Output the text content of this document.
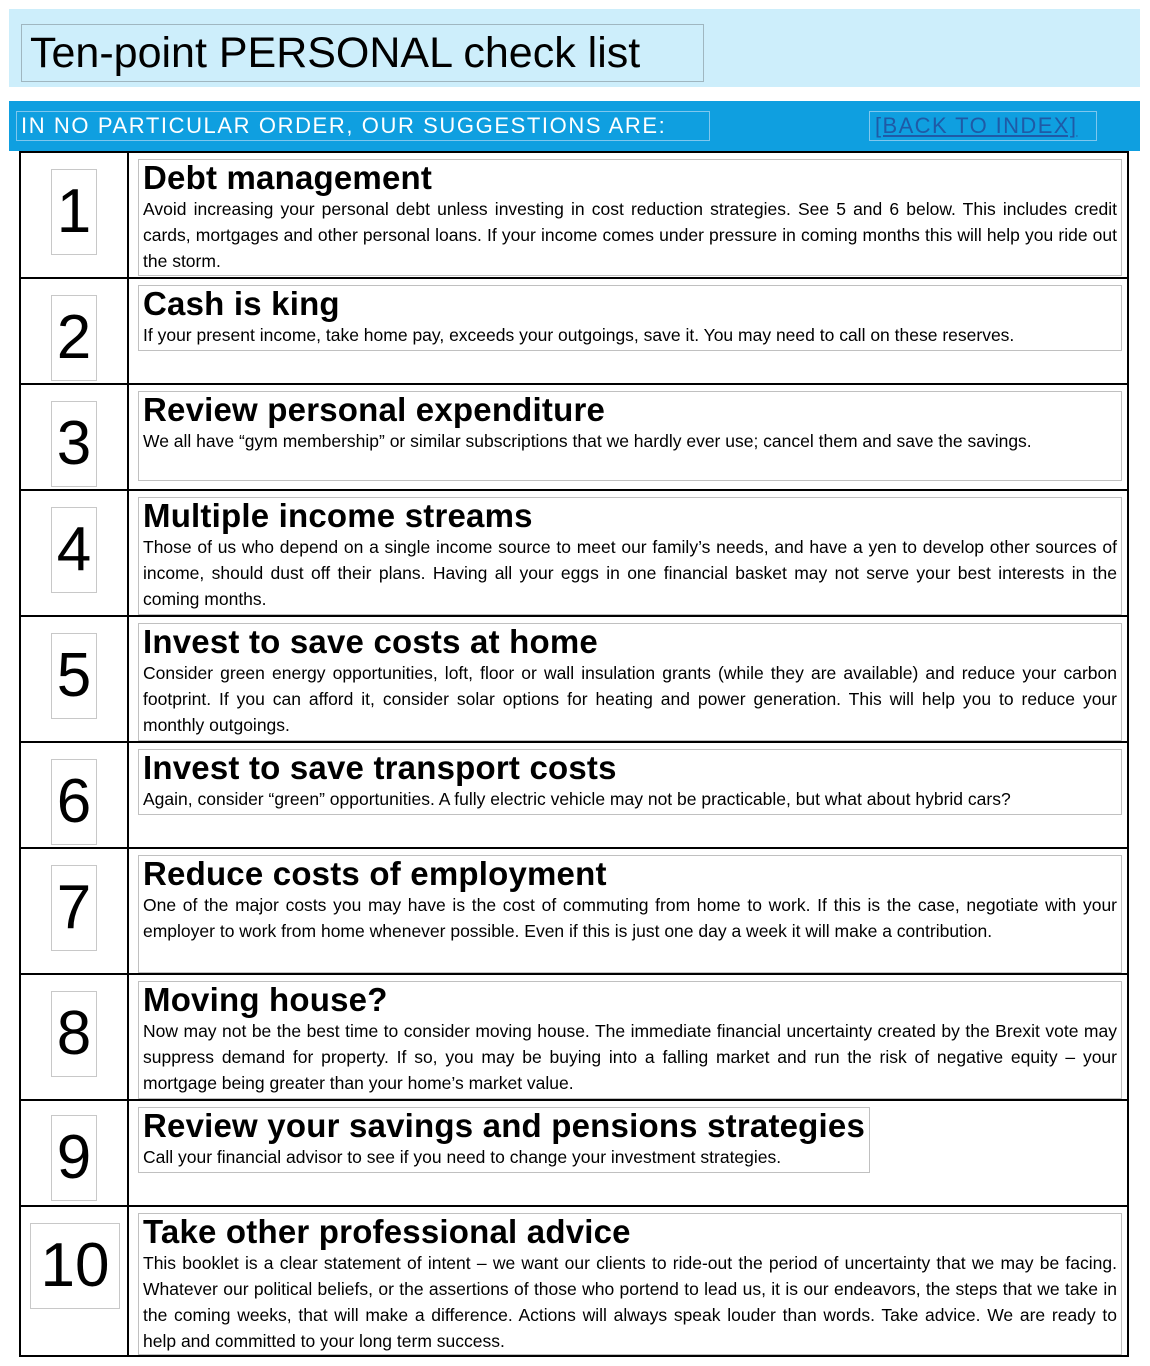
Ten-point PERSONAL check list
IN NO PARTICULAR ORDER, OUR SUGGESTIONS ARE:	[BACK TO INDEX]
1 Debt management
Avoid increasing your personal debt unless investing in cost reduction strategies. See 5 and 6 below. This includes credit cards, mortgages and other personal loans. If your income comes under pressure in coming months this will help you ride out the storm.
2 Cash is king
If your present income, take home pay, exceeds your outgoings, save it. You may need to call on these reserves.
3 Review personal expenditure
We all have “gym membership” or similar subscriptions that we hardly ever use; cancel them and save the savings.
4 Multiple income streams
Those of us who depend on a single income source to meet our family’s needs, and have a yen to develop other sources of income, should dust off their plans. Having all your eggs in one financial basket may not serve your best interests in the coming months.
5 Invest to save costs at home
Consider green energy opportunities, loft, floor or wall insulation grants (while they are available) and reduce your carbon footprint. If you can afford it, consider solar options for heating and power generation. This will help you to reduce your monthly outgoings.
6 Invest to save transport costs
Again, consider “green” opportunities. A fully electric vehicle may not be practicable, but what about hybrid cars?
7 Reduce costs of employment
One of the major costs you may have is the cost of commuting from home to work. If this is the case, negotiate with your employer to work from home whenever possible. Even if this is just one day a week it will make a contribution.
8 Moving house?
Now may not be the best time to consider moving house. The immediate financial uncertainty created by the Brexit vote may suppress demand for property. If so, you may be buying into a falling market and run the risk of negative equity – your mortgage being greater than your home’s market value.
9 Review your savings and pensions strategies
Call your financial advisor to see if you need to change your investment strategies.
10	Take other professional advice
This booklet is a clear statement of intent – we want our clients to ride-out the period of uncertainty that we may be facing. Whatever our political beliefs, or the assertions of those who portend to lead us, it is our endeavors, the steps that we take in the coming weeks, that will make a difference. Actions will always speak louder than words. Take advice. We are ready to help and committed to your long term success.
